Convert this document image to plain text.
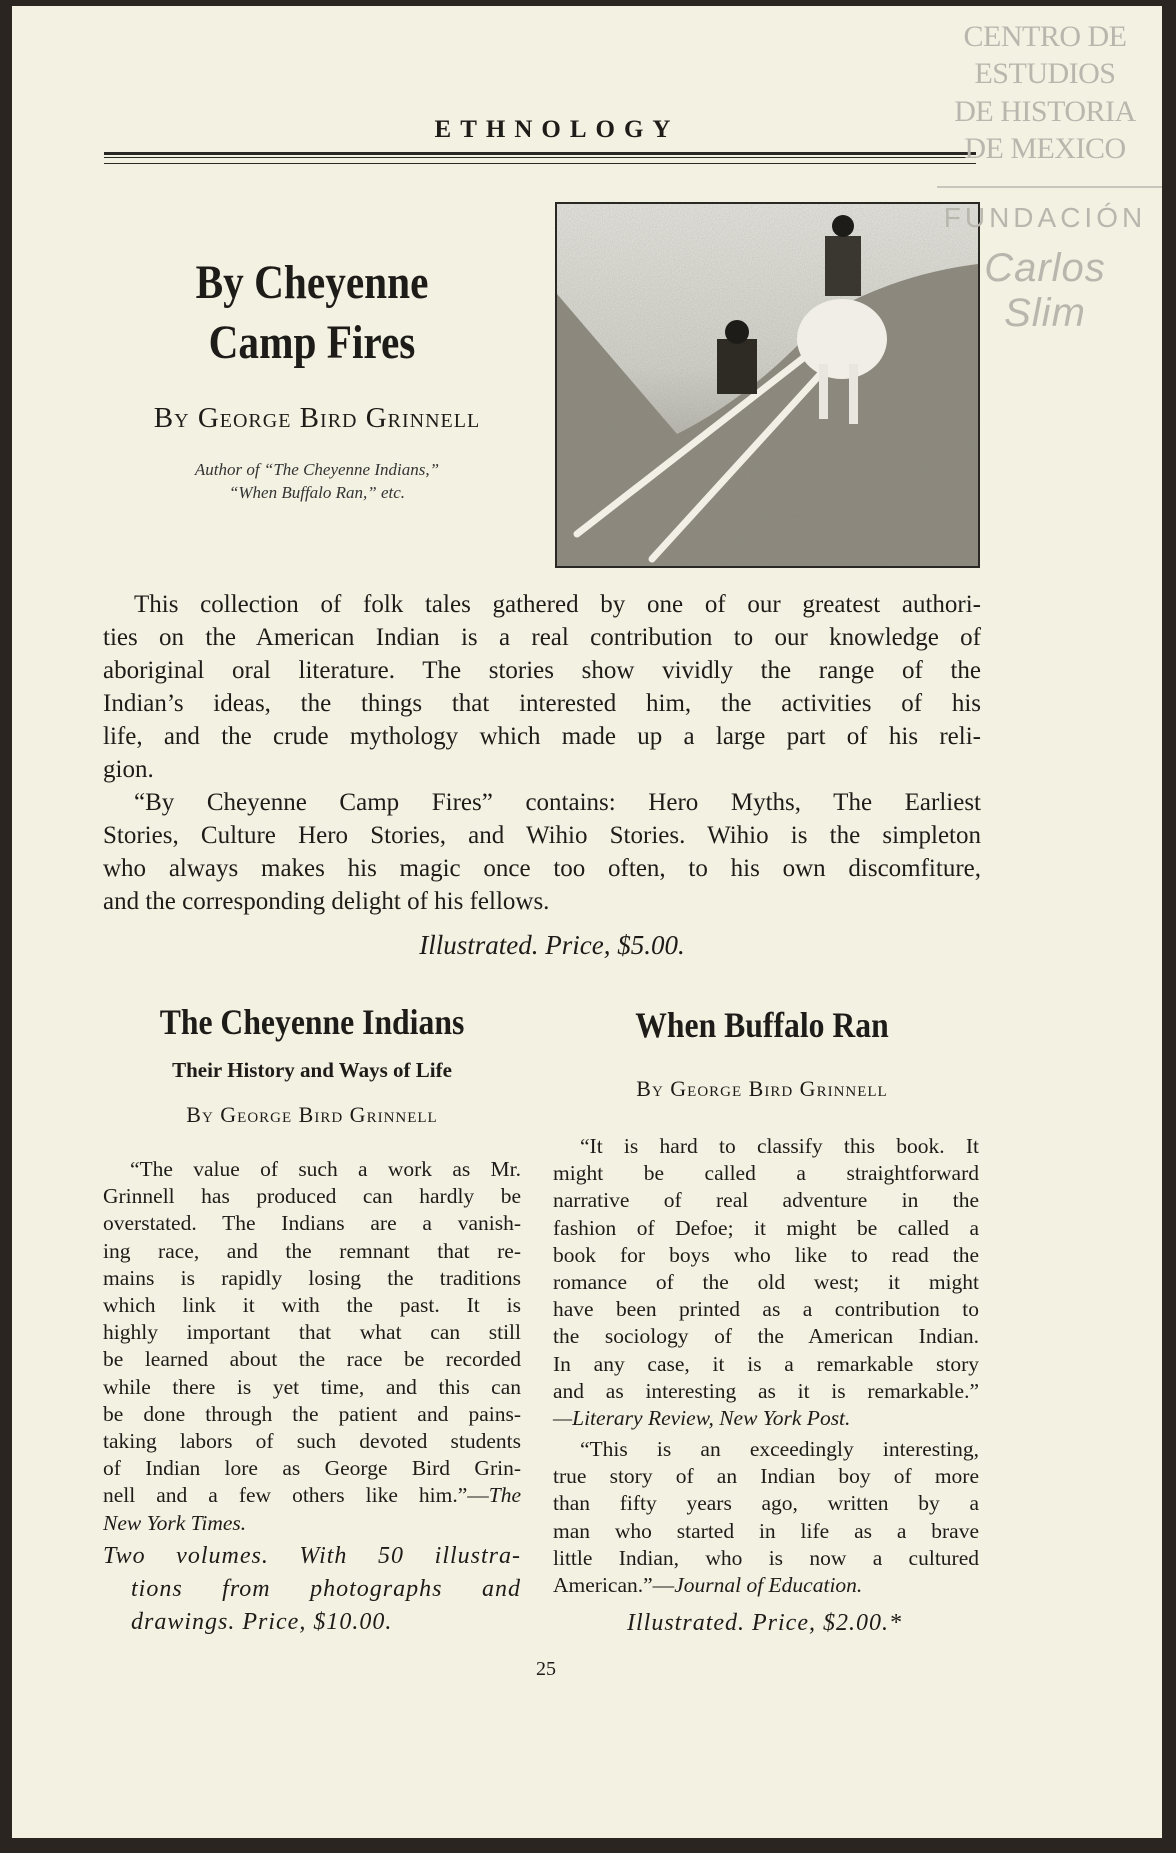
ETHNOLOGY
By Cheyenne
Camp Fires
By George Bird Grinnell
Author of “The Cheyenne Indians,”
“When Buffalo Ran,” etc.
CENTRO DE
ESTUDIOS
DE HISTORIA
DE MEXICO
FUNDACIÓN
Carlos Slim
This collection of folk tales gathered by one of our greatest authori-
ties on the American Indian is a real contribution to our knowledge of
aboriginal oral literature. The stories show vividly the range of the
Indian’s ideas, the things that interested him, the activities of his
life, and the crude mythology which made up a large part of his reli-
gion.
“By Cheyenne Camp Fires” contains: Hero Myths, The Earliest
Stories, Culture Hero Stories, and Wihio Stories. Wihio is the simpleton
who always makes his magic once too often, to his own discomfiture,
and the corresponding delight of his fellows.
Illustrated. Price, $5.00.
The Cheyenne Indians
Their History and Ways of Life
By George Bird Grinnell
“The value of such a work as Mr.
Grinnell has produced can hardly be
overstated. The Indians are a vanish-
ing race, and the remnant that re-
mains is rapidly losing the traditions
which link it with the past. It is
highly important that what can still
be learned about the race be recorded
while there is yet time, and this can
be done through the patient and pains-
taking labors of such devoted students
of Indian lore as George Bird Grin-
nell and a few others like him.”—The
New York Times.
Two volumes. With 50 illustra-
tions from photographs and
drawings. Price, $10.00.
When Buffalo Ran
By George Bird Grinnell
“It is hard to classify this book. It
might be called a straightforward
narrative of real adventure in the
fashion of Defoe; it might be called a
book for boys who like to read the
romance of the old west; it might
have been printed as a contribution to
the sociology of the American Indian.
In any case, it is a remarkable story
and as interesting as it is remarkable.”
—Literary Review, New York Post.
“This is an exceedingly interesting,
true story of an Indian boy of more
than fifty years ago, written by a
man who started in life as a brave
little Indian, who is now a cultured
American.”—Journal of Education.
Illustrated. Price, $2.00.*
25
